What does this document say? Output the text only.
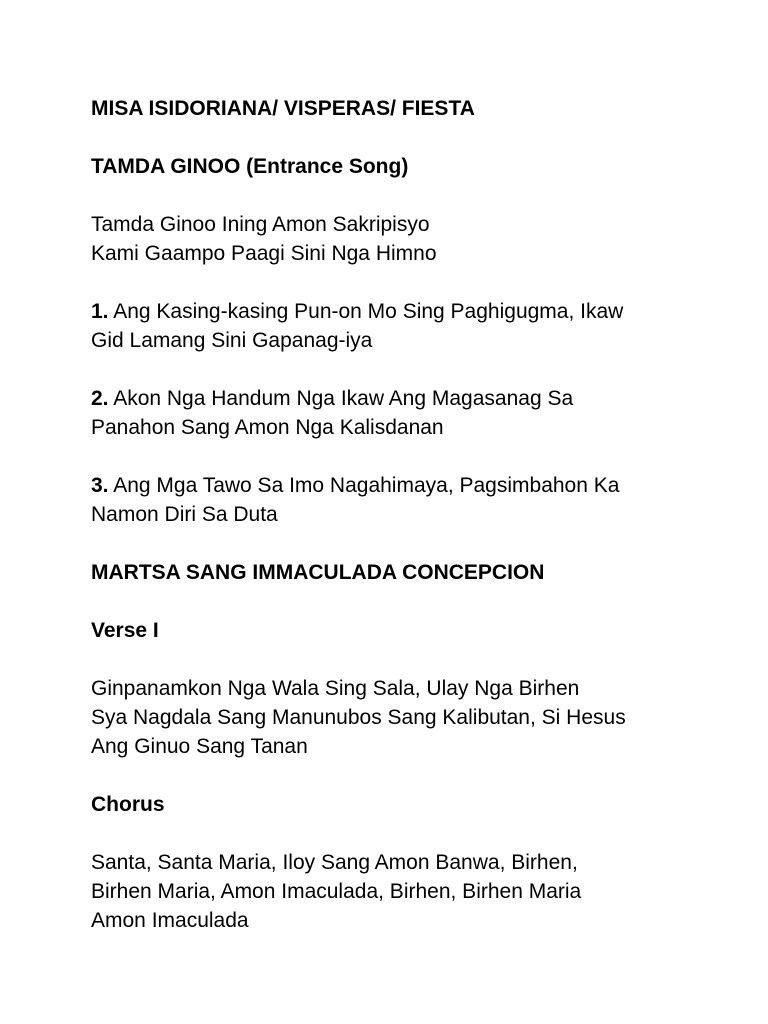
MISA ISIDORIANA/ VISPERAS/ FIESTA
TAMDA GINOO (Entrance Song)
Tamda Ginoo Ining Amon Sakripisyo
Kami Gaampo Paagi Sini Nga Himno
1. Ang Kasing-kasing Pun-on Mo Sing Paghigugma, Ikaw
Gid Lamang Sini Gapanag-iya
2. Akon Nga Handum Nga Ikaw Ang Magasanag Sa
Panahon Sang Amon Nga Kalisdanan
3. Ang Mga Tawo Sa Imo Nagahimaya, Pagsimbahon Ka
Namon Diri Sa Duta
MARTSA SANG IMMACULADA CONCEPCION
Verse I
Ginpanamkon Nga Wala Sing Sala, Ulay Nga Birhen
Sya Nagdala Sang Manunubos Sang Kalibutan, Si Hesus
Ang Ginuo Sang Tanan
Chorus
Santa, Santa Maria, Iloy Sang Amon Banwa, Birhen,
Birhen Maria, Amon Imaculada, Birhen, Birhen Maria
Amon Imaculada
